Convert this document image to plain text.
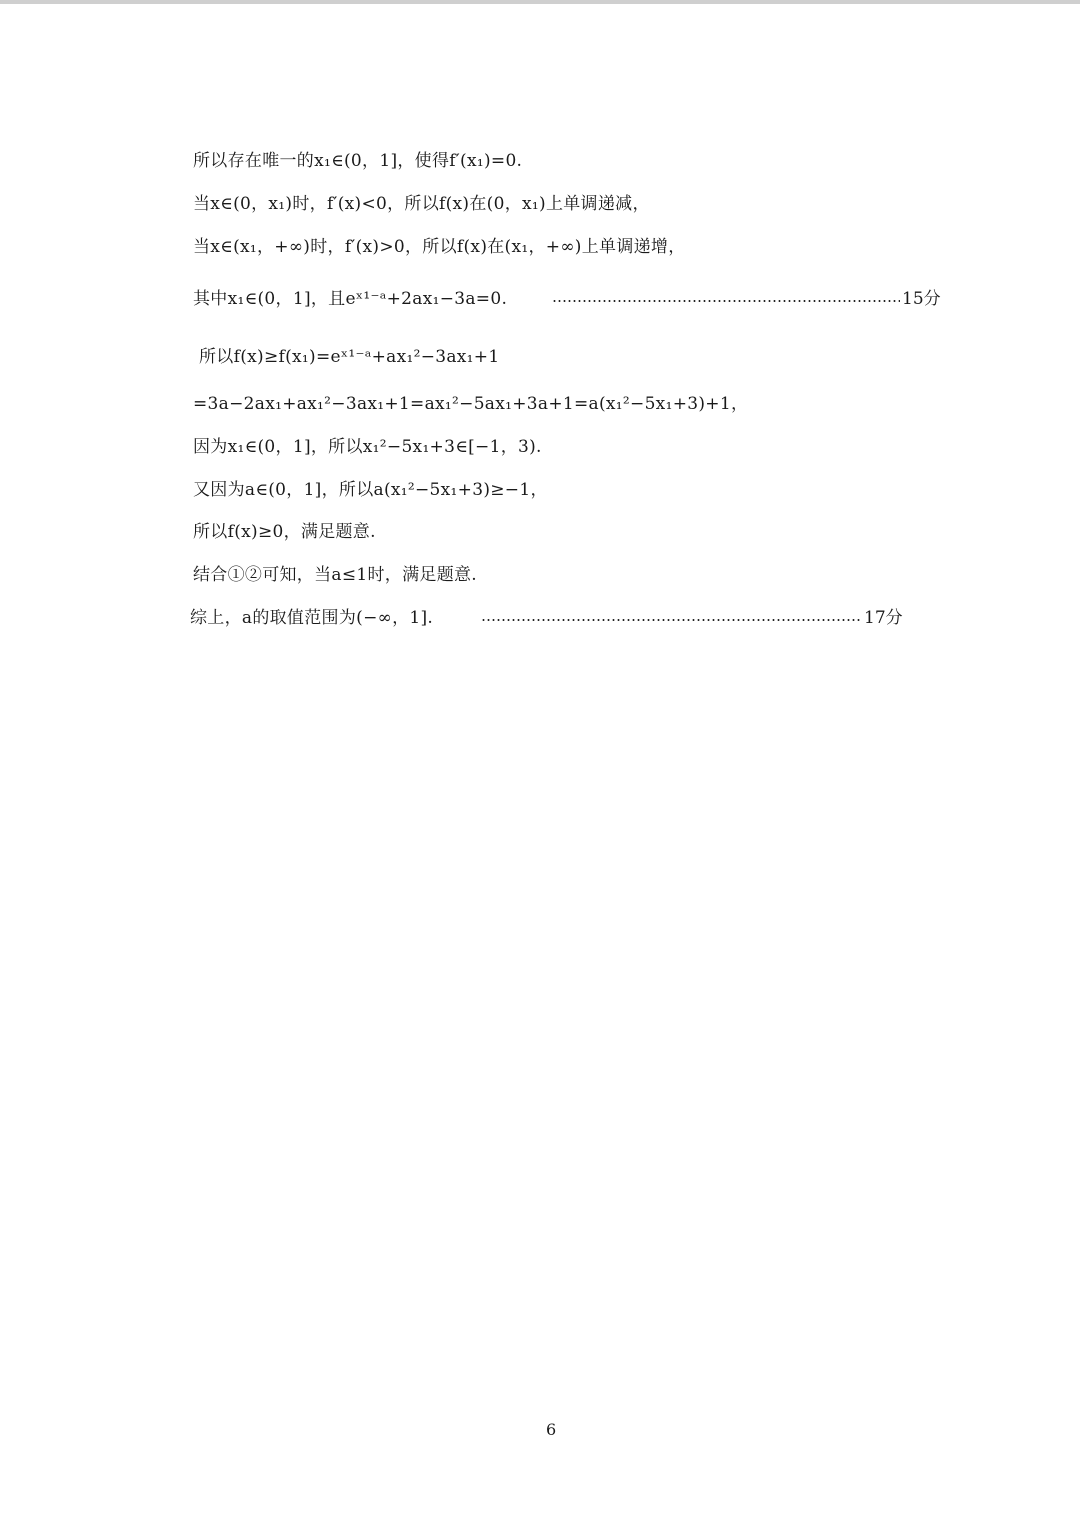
所以存在唯一的x₁∈(0，1]，使得f′(x₁)=0.
当x∈(0，x₁)时，f′(x)<0，所以f(x)在(0，x₁)上单调递减，
当x∈(x₁，+∞)时，f′(x)>0，所以f(x)在(x₁，+∞)上单调递增，
其中x₁∈(0，1]，且eˣ¹⁻ᵃ+2ax₁−3a=0.	15分
所以f(x)≥f(x₁)=eˣ¹⁻ᵃ+ax₁²−3ax₁+1
=3a−2ax₁+ax₁²−3ax₁+1=ax₁²−5ax₁+3a+1=a(x₁²−5x₁+3)+1，
因为x₁∈(0，1]，所以x₁²−5x₁+3∈[−1，3).
又因为a∈(0，1]，所以a(x₁²−5x₁+3)≥−1，
所以f(x)≥0，满足题意.
结合①②可知，当a≤1时，满足题意.
综上，a的取值范围为(−∞，1].	17分
6
